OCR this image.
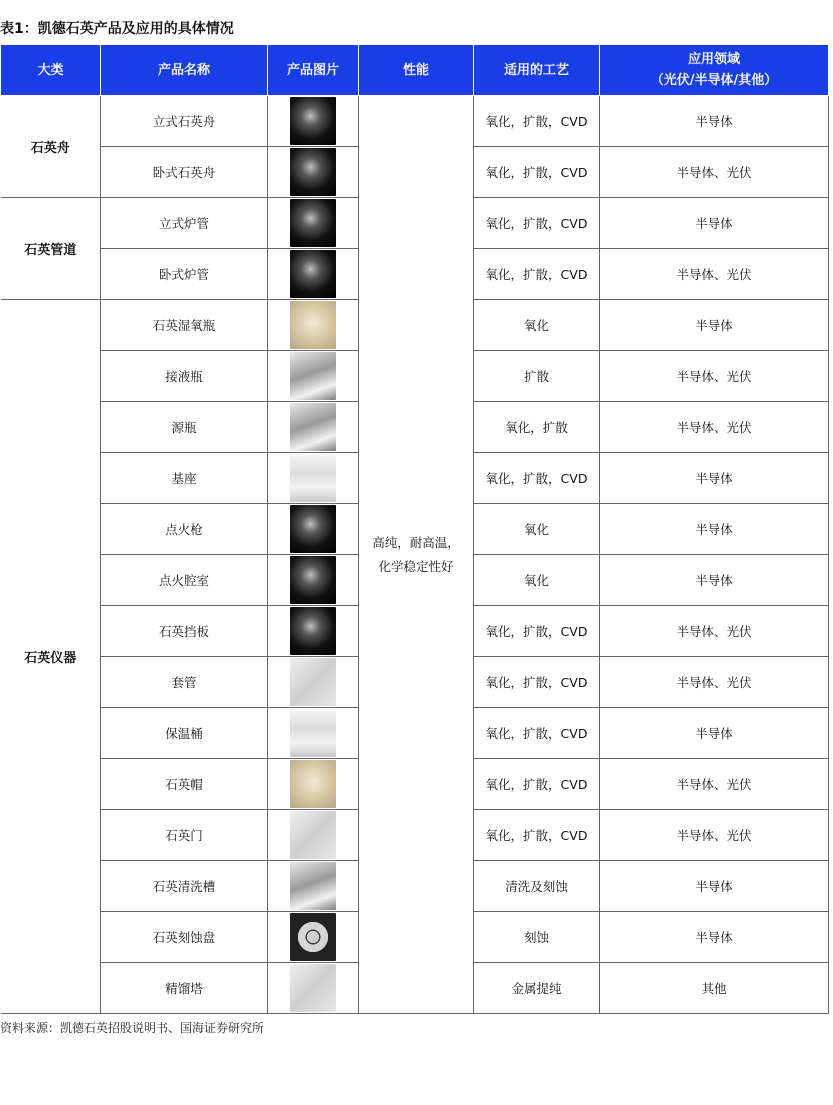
表1：凯德石英产品及应用的具体情况
大类	产品名称	产品图片	性能	适用的工艺	应用领域
（光伏/半导体/其他）

石英舟	立式石英舟		高纯，耐高温，
化学稳定性好	氧化，扩散，CVD	半导体
	卧式石英舟			氧化，扩散，CVD	半导体、光伏
石英管道	立式炉管			氧化，扩散，CVD	半导体
	卧式炉管			氧化，扩散，CVD	半导体、光伏
石英仪器	石英湿氧瓶			氧化	半导体
	接液瓶			扩散	半导体、光伏
	源瓶			氧化，扩散	半导体、光伏
	基座			氧化，扩散，CVD	半导体
	点火枪			氧化	半导体
	点火腔室			氧化	半导体
	石英挡板			氧化，扩散，CVD	半导体、光伏
	套管			氧化，扩散，CVD	半导体、光伏
	保温桶			氧化，扩散，CVD	半导体
	石英帽			氧化，扩散，CVD	半导体、光伏
	石英门			氧化，扩散，CVD	半导体、光伏
	石英清洗槽			清洗及刻蚀	半导体
	石英刻蚀盘			刻蚀	半导体
	精馏塔			金属提纯	其他
资料来源：凯德石英招股说明书、国海证券研究所
